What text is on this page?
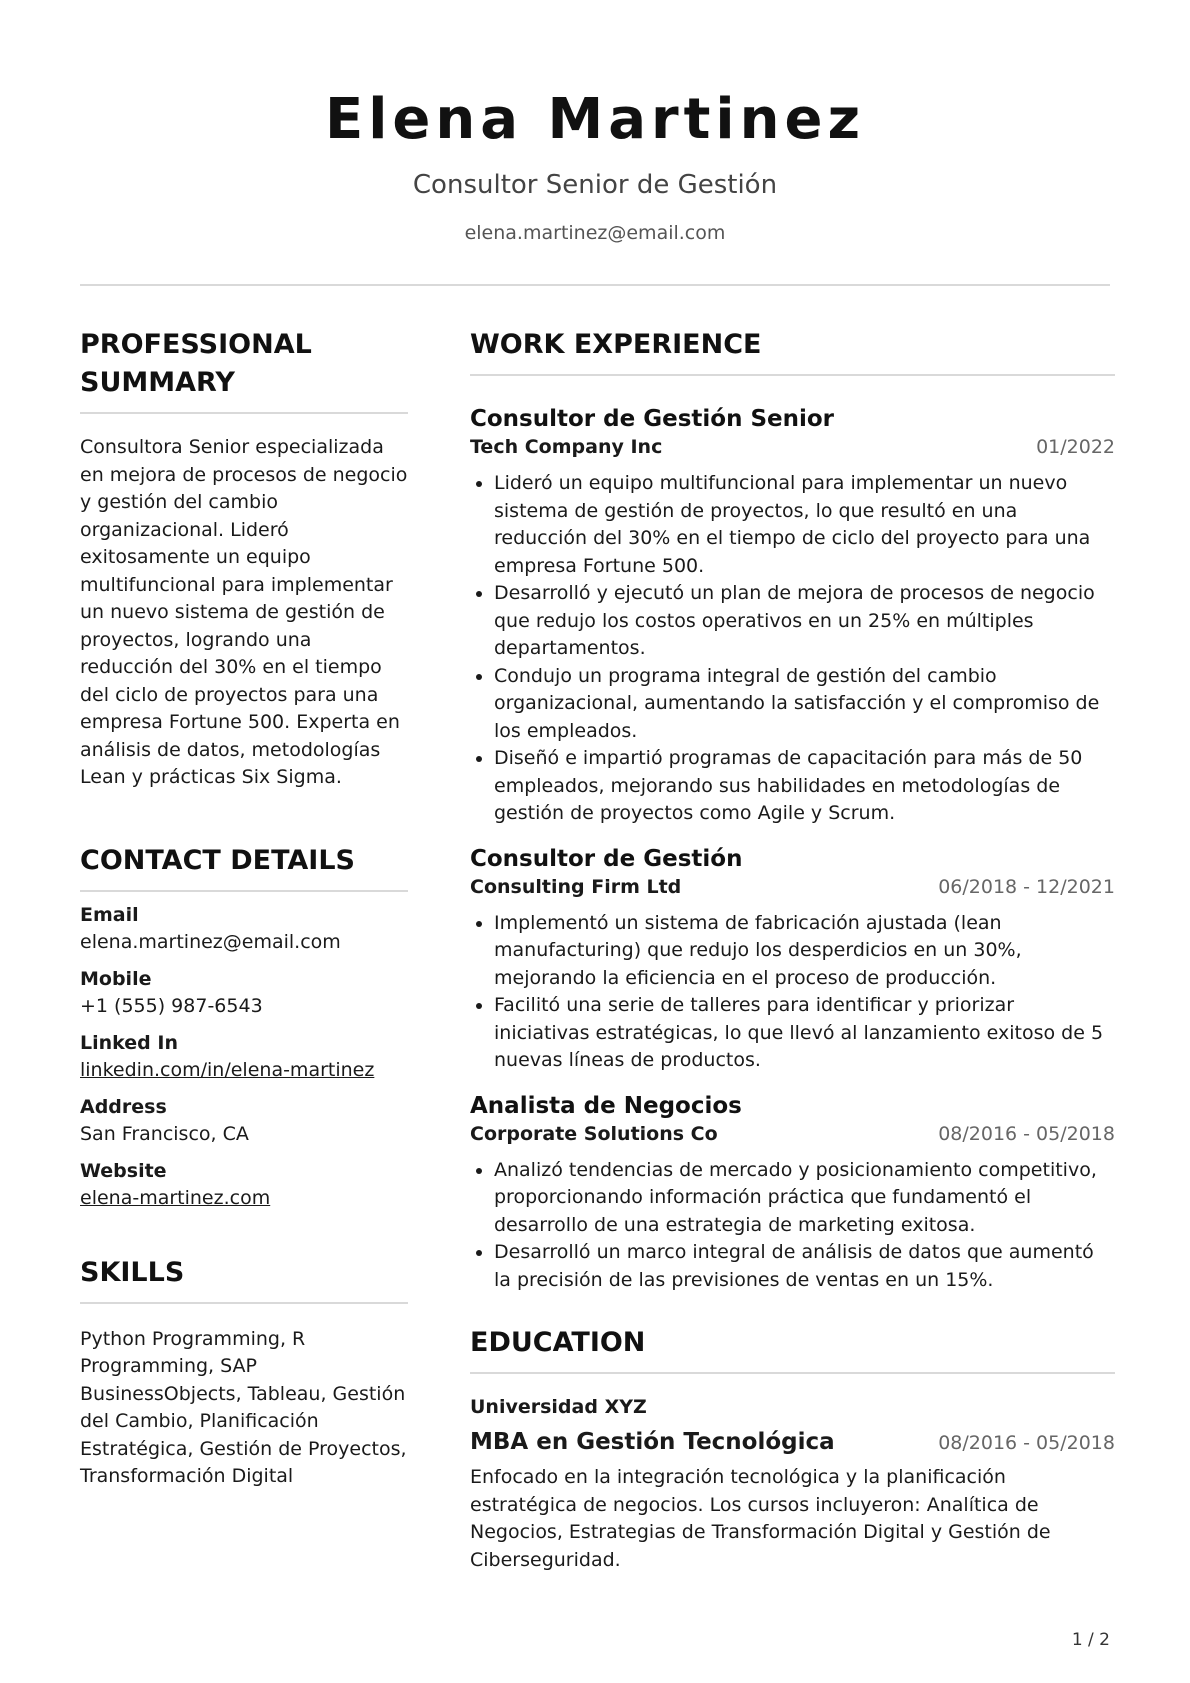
Elena Martinez
Consultor Senior de Gestión
elena.martinez@email.com
PROFESSIONAL SUMMARY
Consultora Senior especializada en mejora de procesos de negocio y gestión del cambio organizacional. Lideró exitosamente un equipo multifuncional para implementar un nuevo sistema de gestión de proyectos, logrando una reducción del 30% en el tiempo del ciclo de proyectos para una empresa Fortune 500. Experta en análisis de datos, metodologías Lean y prácticas Six Sigma.
CONTACT DETAILS
Email
elena.martinez@email.com
Mobile
+1 (555) 987-6543
Linked In
linkedin.com/in/elena-martinez
Address
San Francisco, CA
Website
elena-martinez.com
SKILLS
Python Programming, R Programming, SAP BusinessObjects, Tableau, Gestión del Cambio, Planificación Estratégica, Gestión de Proyectos, Transformación Digital
WORK EXPERIENCE
Consultor de Gestión Senior
Tech Company Inc	01/2022
• Lideró un equipo multifuncional para implementar un nuevo sistema de gestión de proyectos, lo que resultó en una reducción del 30% en el tiempo de ciclo del proyecto para una empresa Fortune 500.
• Desarrolló y ejecutó un plan de mejora de procesos de negocio que redujo los costos operativos en un 25% en múltiples departamentos.
• Condujo un programa integral de gestión del cambio organizacional, aumentando la satisfacción y el compromiso de los empleados.
• Diseñó e impartió programas de capacitación para más de 50 empleados, mejorando sus habilidades en metodologías de gestión de proyectos como Agile y Scrum.
Consultor de Gestión
Consulting Firm Ltd	06/2018 - 12/2021
• Implementó un sistema de fabricación ajustada (lean manufacturing) que redujo los desperdicios en un 30%, mejorando la eficiencia en el proceso de producción.
• Facilitó una serie de talleres para identificar y priorizar iniciativas estratégicas, lo que llevó al lanzamiento exitoso de 5 nuevas líneas de productos.
Analista de Negocios
Corporate Solutions Co	08/2016 - 05/2018
• Analizó tendencias de mercado y posicionamiento competitivo, proporcionando información práctica que fundamentó el desarrollo de una estrategia de marketing exitosa.
• Desarrolló un marco integral de análisis de datos que aumentó la precisión de las previsiones de ventas en un 15%.
EDUCATION
Universidad XYZ
MBA en Gestión Tecnológica	08/2016 - 05/2018
Enfocado en la integración tecnológica y la planificación estratégica de negocios. Los cursos incluyeron: Analítica de Negocios, Estrategias de Transformación Digital y Gestión de Ciberseguridad.
1 / 2
